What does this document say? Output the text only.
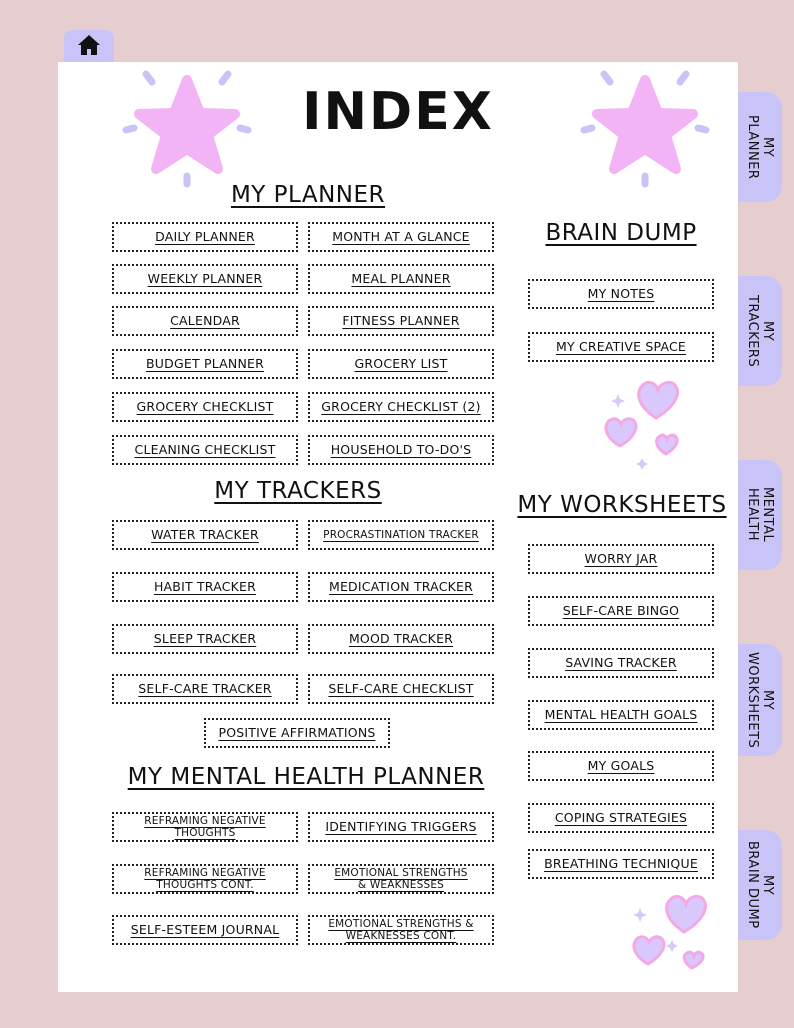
MY
PLANNER
MY
TRACKERS
MENTAL
HEALTH
MY
WORKSHEETS
MY
BRAIN DUMP
INDEX
MY PLANNER
DAILY PLANNER	MONTH AT A GLANCE
WEEKLY PLANNER	MEAL PLANNER
CALENDAR	FITNESS PLANNER
BUDGET PLANNER	GROCERY LIST
GROCERY CHECKLIST	GROCERY CHECKLIST (2)
CLEANING CHECKLIST	HOUSEHOLD TO-DO'S
MY TRACKERS
WATER TRACKER	PROCRASTINATION TRACKER
HABIT TRACKER	MEDICATION TRACKER
SLEEP TRACKER	MOOD TRACKER
SELF-CARE TRACKER	SELF-CARE CHECKLIST
POSITIVE AFFIRMATIONS
MY MENTAL HEALTH PLANNER
REFRAMING NEGATIVE THOUGHTS	IDENTIFYING TRIGGERS
REFRAMING NEGATIVE THOUGHTS CONT.
EMOTIONAL STRENGTHS & WEAKNESSES
SELF-ESTEEM JOURNAL	EMOTIONAL STRENGTHS & WEAKNESSES CONT.
BRAIN DUMP
MY NOTES
MY CREATIVE SPACE
MY WORKSHEETS
WORRY JAR
SELF-CARE BINGO
SAVING TRACKER
MENTAL HEALTH GOALS
MY GOALS
COPING STRATEGIES
BREATHING TECHNIQUE
